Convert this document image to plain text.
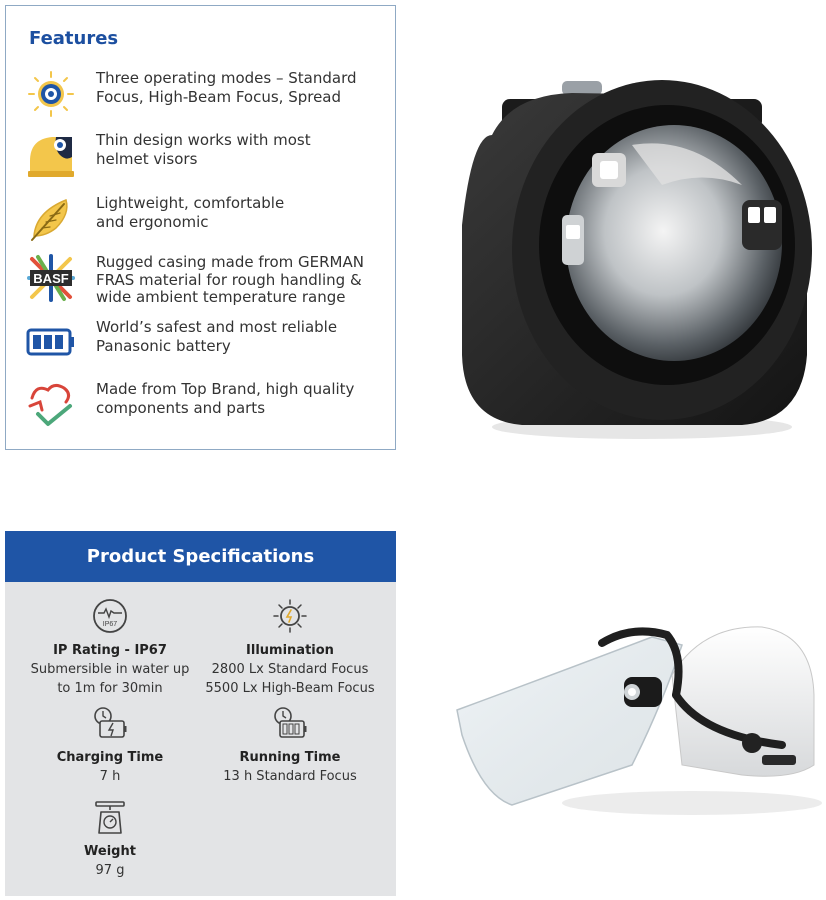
Features
Three operating modes – Standard
Focus, High-Beam Focus, Spread
Thin design works with most
helmet visors
Lightweight, comfortable
and ergonomic
BASF
Rugged casing made from GERMAN
FRAS material for rough handling &
wide ambient temperature range
World’s safest and most reliable
Panasonic battery
Made from Top Brand, high quality
components and parts
Product Specifications
IP67
IP Rating - IP67
Submersible in water up
to 1m for 30min
Illumination
2800 Lx Standard Focus
5500 Lx High-Beam Focus
Charging Time
7 h
Running Time
13 h Standard Focus
Weight
97 g
